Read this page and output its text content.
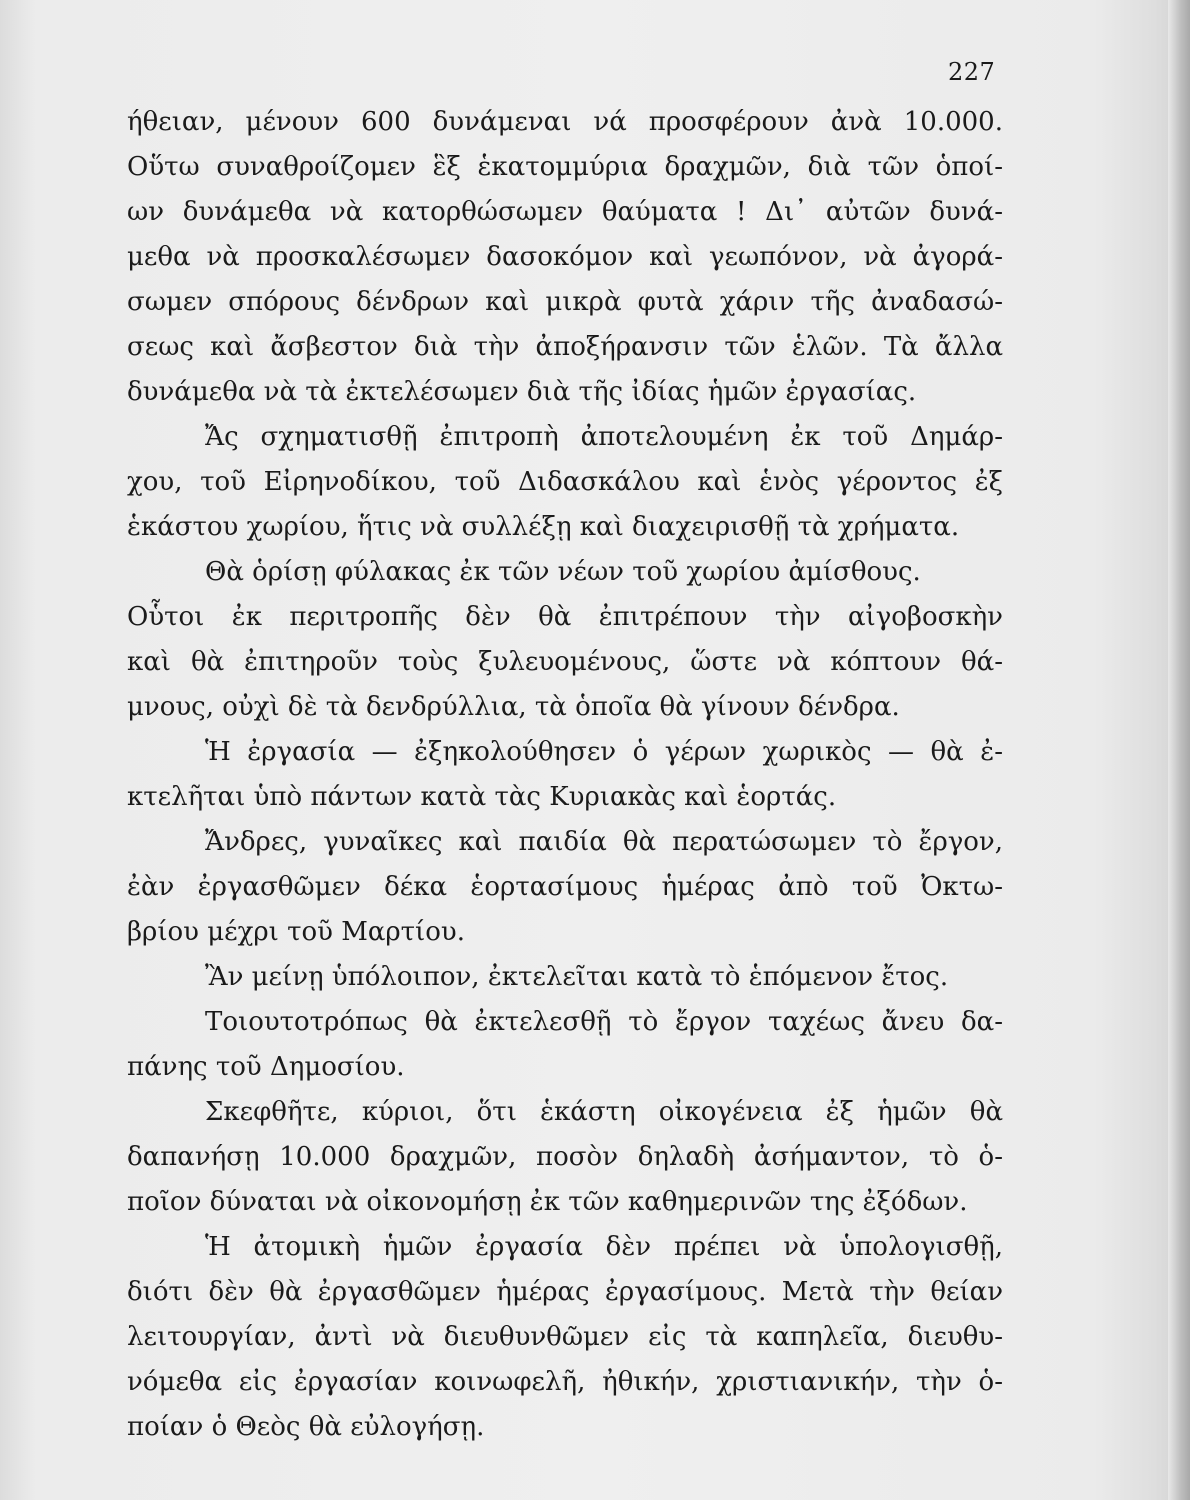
227
ήθειαν, μένουν 600 δυνάμεναι νά προσφέρουν ἀνὰ 10.000.
Οὕτω συναθροίζομεν ἓξ ἑκατομμύρια δραχμῶν, διὰ τῶν ὁποί-
ων δυνάμεθα νὰ κατορθώσωμεν θαύματα ! Δι᾽ αὐτῶν δυνά-
μεθα νὰ προσκαλέσωμεν δασοκόμον καὶ γεωπόνον, νὰ ἀγορά-
σωμεν σπόρους δένδρων καὶ μικρὰ φυτὰ χάριν τῆς ἀναδασώ-
σεως καὶ ἄσβεστον διὰ τὴν ἀποξήρανσιν τῶν ἑλῶν. Τὰ ἄλλα
δυνάμεθα νὰ τὰ ἐκτελέσωμεν διὰ τῆς ἰδίας ἡμῶν ἐργασίας.
Ἄς σχηματισθῇ ἐπιτροπὴ ἀποτελουμένη ἐκ τοῦ Δημάρ-
χου, τοῦ Εἰρηνοδίκου, τοῦ Διδασκάλου καὶ ἑνὸς γέροντος ἐξ
ἑκάστου χωρίου, ἥτις νὰ συλλέξῃ καὶ διαχειρισθῇ τὰ χρήματα.
Θὰ ὁρίσῃ φύλακας ἐκ τῶν νέων τοῦ χωρίου ἀμίσθους.
Οὗτοι ἐκ περιτροπῆς δὲν θὰ ἐπιτρέπουν τὴν αἰγοβοσκὴν
καὶ θὰ ἐπιτηροῦν τοὺς ξυλευομένους, ὥστε νὰ κόπτουν θά-
μνους, οὐχὶ δὲ τὰ δενδρύλλια, τὰ ὁποῖα θὰ γίνουν δένδρα.
Ἡ ἐργασία — ἐξηκολούθησεν ὁ γέρων χωρικὸς — θὰ ἐ-
κτελῆται ὑπὸ πάντων κατὰ τὰς Κυριακὰς καὶ ἑορτάς.
Ἄνδρες, γυναῖκες καὶ παιδία θὰ περατώσωμεν τὸ ἔργον,
ἐὰν ἐργασθῶμεν δέκα ἑορτασίμους ἡμέρας ἀπὸ τοῦ Ὀκτω-
βρίου μέχρι τοῦ Μαρτίου.
Ἂν μείνῃ ὑπόλοιπον, ἐκτελεῖται κατὰ τὸ ἑπόμενον ἔτος.
Τοιουτοτρόπως θὰ ἐκτελεσθῇ τὸ ἔργον ταχέως ἄνευ δα-
πάνης τοῦ Δημοσίου.
Σκεφθῆτε, κύριοι, ὅτι ἑκάστη οἰκογένεια ἐξ ἡμῶν θὰ
δαπανήσῃ 10.000 δραχμῶν, ποσὸν δηλαδὴ ἀσήμαντον, τὸ ὁ-
ποῖον δύναται νὰ οἰκονομήσῃ ἐκ τῶν καθημερινῶν της ἐξόδων.
Ἡ ἀτομικὴ ἡμῶν ἐργασία δὲν πρέπει νὰ ὑπολογισθῇ,
διότι δὲν θὰ ἐργασθῶμεν ἡμέρας ἐργασίμους. Μετὰ τὴν θείαν
λειτουργίαν, ἀντὶ νὰ διευθυνθῶμεν εἰς τὰ καπηλεῖα, διευθυ-
νόμεθα εἰς ἐργασίαν κοινωφελῆ, ἠθικήν, χριστιανικήν, τὴν ὁ-
ποίαν ὁ Θεὸς θὰ εὐλογήσῃ.
